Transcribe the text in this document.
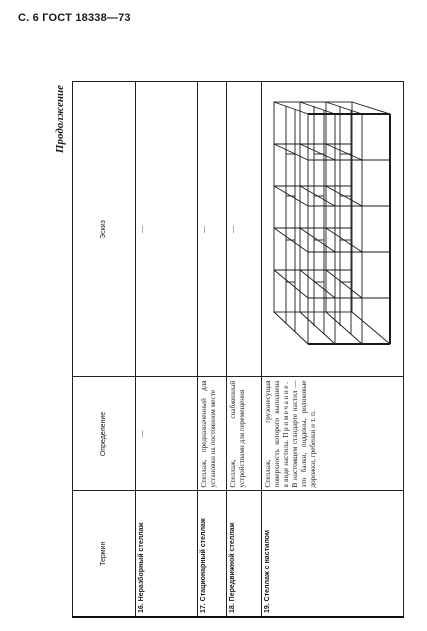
С. 6 ГОСТ 18338—73
Продолжение
Термин	Определение	Эскиз
16. Неразборный стеллаж	—	—
17. Стационарный стеллаж	Стеллаж, предназначенный для установки на постоянном месте	—
18. Передвижной стеллаж	Стеллаж, снабженный устройствами для перемещения	—
19. Стеллаж с настилом	Стеллаж, грузонесущая поверхность которого выполнена в виде настила. Примечание. В настоящем стандарте настил — это балки, поддоны, роликовые дорожки, гребенки и т. п.	
